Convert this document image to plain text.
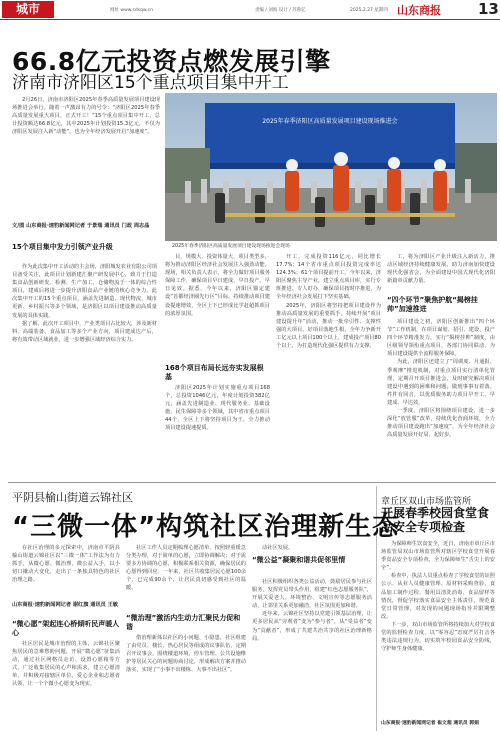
城市	网址 www.sdsqw.cn	责编 / 刘海 设计 / 苏鲁亿	2025.2.27 星期四 山东商报 13
66.8亿元投资点燃发展引擎
济南市济阳区15个重点项目集中开工

2月26日，济南市济阳区2025年春季高质量发展项目建设现场推进会举行。随着一声激昂有力的号令：“济阳区2025年春季高质量发展重大项目，正式开工！”15个重点项目集中开工，总计投资额达66.8亿元，其中2025年计划投资15.3亿元，不仅为济阳区发展注入新“动能”，也为全年经济发展开启“加速度”。

文/图 山东商报·速豹新闻网记者 于景瑞 通讯员 门政 周志晶
2025年春季济阳区高质量发展项目建设现场推进会
2025年春季济阳区高质量发展项目建设现场推进会现场
15个项目集中发力引领产业升级

作为此次集中开工活动的主会场，济阳城发农业有限公司项目备受关注，此项目计划新建汇聚产研发展中心，致力于打造集食品创新研发、检测、生产加工、仓储物流于一体的综合性项目，建成后将进一步提升济阳食品产业链的核心竞争力。此次集中开工的15个重点项目，涵盖先进制造、现代物流、城市更新、乡村振兴等多个领域，是济阳区以项目建设推动高质量发展的具体实践。

据了解，此次开工项目中，产业类项目占比较大，涉及新材料、高端装备、食品加工等多个产业方向，项目建成达产后，将有效带动区域就业，进一步增强区域经济综合实力。

目，规模大、投资体量大、项目类型多，将为推动济阳区经济社会发展注入强劲动能。现场，相关负责人表示，将全力做好项目服务保障工作，确保项目早日建成、早日投产、早日见效。据悉，今年以来，济阳区锚定建设“首都经济圈先行区”目标，持续推动项目建设提速增效，全区上下已形成比学赶超抓项目的浓厚氛围。

168个项目布局长远夯实发展根基

济阳区2025年计划实施重点项目168个，总投资1046亿元，年度计划投资382亿元，涵盖先进制造业、现代服务业、基础设施、民生保障等多个领域，其中省市重点项目44个，全区上下将坚持项目为王，全力推动项目建设提速提质。

开工，完成投资116亿元，同比增长17.7%；14个省市重点项目投资完成率达124.3%；61个项目提前开工。今年以来，济阳区聚焦主导产业，建立重点项目库，实行专班推进、专人盯办，确保项目按时序推进，为全年经济社会发展打下坚实基础。

2025年，济阳区将坚持把项目建设作为推动高质量发展的重要抓手，持续开展“项目建设提升年”活动，推动一批牵引性、支撑性强的大项目、好项目落地生根，全年力争新开工亿元以上项目100个以上，建成投产项目80个以上，为打造现代化强区提供有力支撑。

工，将为济阳区产业升级注入新活力，推动区域经济持续健康发展，助力济南加快建设现代化强省会，为全面建设中国式现代化济阳新篇章贡献力量。

“四个环节”聚焦护航“揭榜挂帅”加速推进

项目建设之初，济阳区创新推出“四个环节”工作机制，在项目谋划、招引、建设、投产四个环节精准发力，实行“揭榜挂帅”制度，由区级领导领衔重点项目，各部门协同联动，为项目建设提供全流程服务保障。

为此，济阳区还建立了“周调度、月通报、季观摩”推进机制，对重点项目实行清单化管理，定期召开项目推进会，及时研究解决项目建设中遇到的困难和问题，做到事事有着落、件件有回音，以优质服务助力项目早开工、早建成、早达效。

一季度，济阳区将围绕项目建设，进一步深化“放管服”改革，持续优化营商环境，全力推动项目建设跑出“加速度”，为全年经济社会高质量发展开好局、起好步。

平阴县榆山街道云锦社区
“三微一体”构筑社区治理新生态

在社区治理的多元探索中，济南市平阴县榆山街道云锦社区以“三微一体”工作法为有力抓手，从微心愿、微治理、微公益入手，以小切口撬动大变化，走出了一条独具特色的社区治理之路。

山东商报·速豹新闻网记者 谢红旗 通讯员 王敏
“微心愿”架起连心桥倾听民声暖人心

社区居民是城市治理的主体，云锦社区聚焦居民的急难愁盼问题，开展“微心愿”征集活动，通过社区网格员走访、设置心愿箱等方式，广泛收集居民的心声和需求，建立心愿清单，并积极对接辖区单位、爱心企业和志愿者认领，让一个个微小心愿变为现实。

社区工作人员定期梳理心愿清单，按照轻重缓急分类办理，对于简单的心愿，立即协调解决；对于需要多方协调的心愿，积极联系相关资源，确保居民的心愿得到回应。一年来，社区共收集居民心愿100余个，已完成90余个，让居民真切感受到社区的温暖。

“微治理”激活内生动力汇聚民力促和谐

借治理新体以社区的小问题、小隐患，社区组建了由党员、楼长、热心居民等组成的议事队伍，定期召开议事会，围绕楼道环境、停车管理、公共设施维护等居民关心的问题协商讨论，形成解决方案并推动落实，实现了“小事不出楼栋、大事不出社区”。

动社区发展。

“微公益”凝聚和谐共促邻里情

社区积极组织各类公益活动，鼓励居民参与社区服务，发挥党员带头作用，组建“红色志愿服务队”，开展关爱老人、环境整治、文明宣传等志愿服务活动，让邻里关系更加融洽，社区氛围更加和谐。

近年来，云锦社区坚持以党建引领基层治理，让更多居民从“旁观者”变为“参与者”，从“受益者”变为“贡献者”，形成了共建共治共享的社区治理新格局。

章丘区双山市场监管所
开展春季校园食堂食品安全专项检查

为保障师生饮食安全，近日，济南市章丘区市场监管局双山市场监管所对辖区学校食堂开展春季食品安全专项检查，全力保障师生“舌尖上的安全”。

检查中，执法人员重点检查了学校食堂的证照公示、从业人员健康管理、原材料采购查验、食品加工制作过程、餐用具清洗消毒、食品留样等情况，督促学校落实食品安全主体责任，规范食堂日常管理，对发现的问题现场指导并限期整改。

下一步，双山市场监管所将持续加大对学校食堂的监督检查力度，以“零容忍”态度严厉打击各类违法违规行为，切实筑牢校园食品安全防线，守护师生身体健康。

山东商报·速豹新闻网记者 崔文超 通讯员 郭娟
